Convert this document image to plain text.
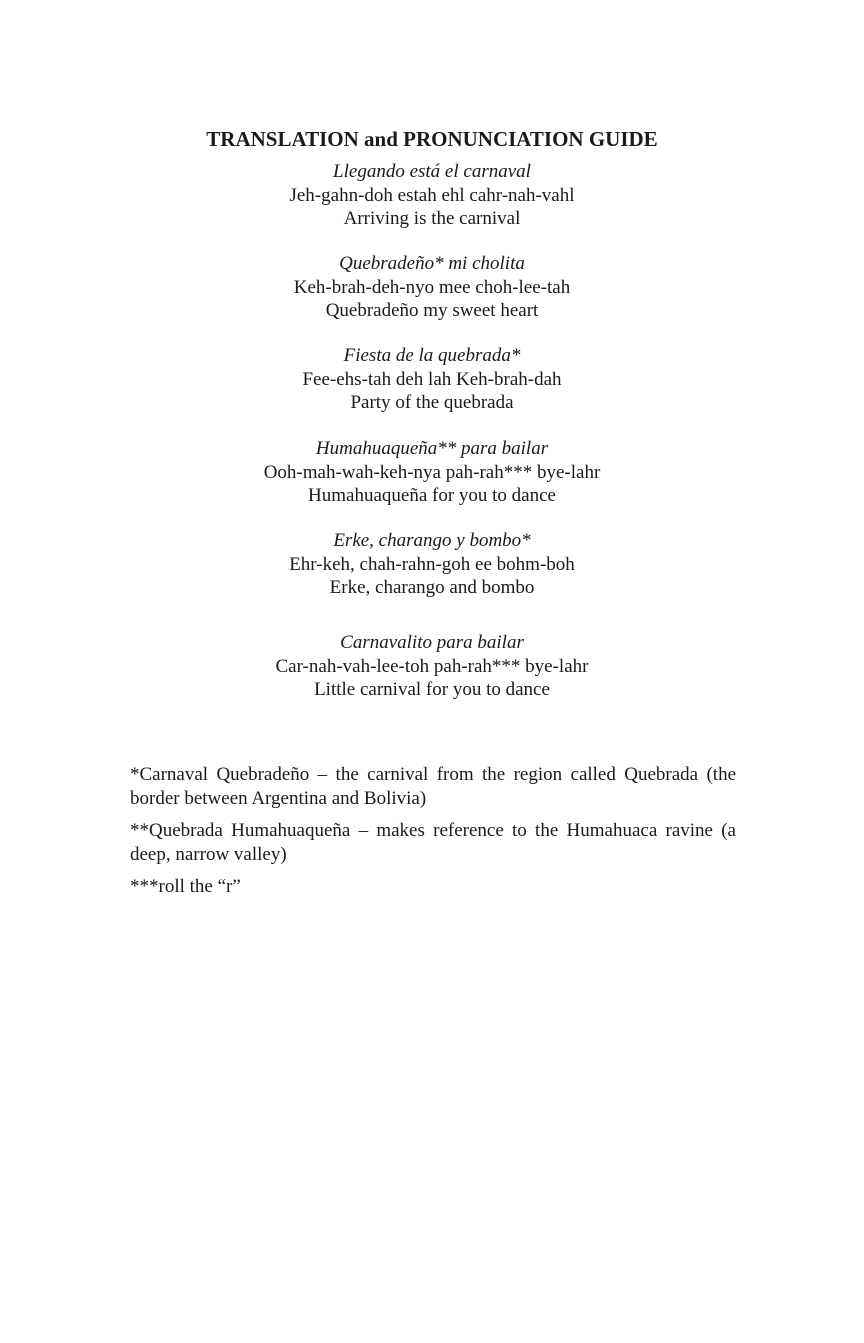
TRANSLATION and PRONUNCIATION GUIDE
Llegando está el carnaval
Jeh-gahn-doh estah ehl cahr-nah-vahl
Arriving is the carnival
Quebradeño* mi cholita
Keh-brah-deh-nyo mee choh-lee-tah
Quebradeño my sweet heart
Fiesta de la quebrada*
Fee-ehs-tah deh lah Keh-brah-dah
Party of the quebrada
Humahuaqueña** para bailar
Ooh-mah-wah-keh-nya pah-rah*** bye-lahr
Humahuaqueña for you to dance
Erke, charango y bombo*
Ehr-keh, chah-rahn-goh ee bohm-boh
Erke, charango and bombo
Carnavalito para bailar
Car-nah-vah-lee-toh pah-rah*** bye-lahr
Little carnival for you to dance

*Carnaval Quebradeño – the carnival from the region called Quebrada (the border between Argentina and Bolivia)

**Quebrada Humahuaqueña – makes reference to the Humahuaca ravine (a deep, narrow valley)

***roll the “r”
